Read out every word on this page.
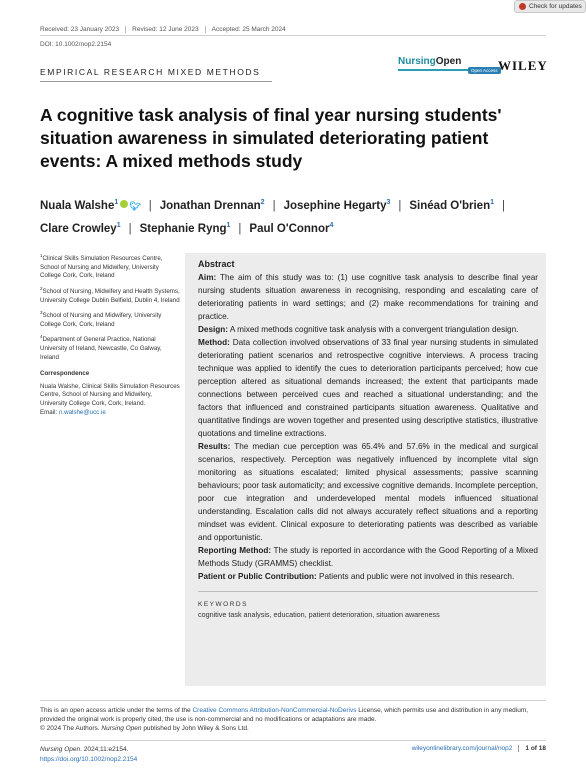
Check for updates
Received: 23 January 2023	Revised: 12 June 2023	Accepted: 25 March 2024
DOI: 10.1002/nop2.2154
EMPIRICAL RESEARCH MIXED METHODS
NursingOpen
Open Access WILEY
A cognitive task analysis of final year nursing students' situation awareness in simulated deteriorating patient events: A mixed methods study
Nuala Walshe$^1$ 🐦︎ | Jonathan Drennan$^2$ | Josephine Hegarty$^3$ | Sinéad O'brien$^1$ |
Clare Crowley$^1$ | Stephanie Ryng$^1$ | Paul O'Connor$^4$

$^1$Clinical Skills Simulation Resources Centre, School of Nursing and Midwifery, University College Cork, Cork, Ireland

$^2$School of Nursing, Midwifery and Health Systems, University College Dublin Belfield, Dublin 4, Ireland

$^3$School of Nursing and Midwifery, University College Cork, Cork, Ireland

$^4$Department of General Practice, National University of Ireland, Newcastle, Co Galway, Ireland

Correspondence

Nuala Walshe, Clinical Skills Simulation Resources Centre, School of Nursing and Midwifery, University College Cork, Cork, Ireland.

Email: n.walshe@ucc.ie

Abstract

Aim: The aim of this study was to: (1) use cognitive task analysis to describe final year nursing students situation awareness in recognising, responding and escalating care of deteriorating patients in ward settings; and (2) make recommendations for training and practice.

Design: A mixed methods cognitive task analysis with a convergent triangulation design.

Method: Data collection involved observations of 33 final year nursing students in simulated deteriorating patient scenarios and retrospective cognitive interviews. A process tracing technique was applied to identify the cues to deterioration participants perceived; how cue perception altered as situational demands increased; the extent that participants made connections between perceived cues and reached a situational understanding; and the factors that influenced and constrained participants situation awareness. Qualitative and quantitative findings are woven together and presented using descriptive statistics, illustrative quotations and timeline extractions.

Results: The median cue perception was 65.4% and 57.6% in the medical and surgical scenarios, respectively. Perception was negatively influenced by incomplete vital sign monitoring as situations escalated; limited physical assessments; passive scanning behaviours; poor task automaticity; and excessive cognitive demands. Incomplete perception, poor cue integration and underdeveloped mental models influenced situational understanding. Escalation calls did not always accurately reflect situations and a reporting mindset was evident. Clinical exposure to deteriorating patients was described as variable and opportunistic.

Reporting Method: The study is reported in accordance with the Good Reporting of a Mixed Methods Study (GRAMMS) checklist.

Patient or Public Contribution: Patients and public were not involved in this research.

KEYWORDS
cognitive task analysis, education, patient deterioration, situation awareness
This is an open access article under the terms of the Creative Commons Attribution-NonCommercial-NoDerivs License, which permits use and distribution in any medium, provided the original work is properly cited, the use is non-commercial and no modifications or adaptations are made.
© 2024 The Authors. Nursing Open published by John Wiley & Sons Ltd.
Nursing Open. 2024;11:e2154.
https://doi.org/10.1002/nop2.2154
wileyonlinelibrary.com/journal/nop2	1 of 18
